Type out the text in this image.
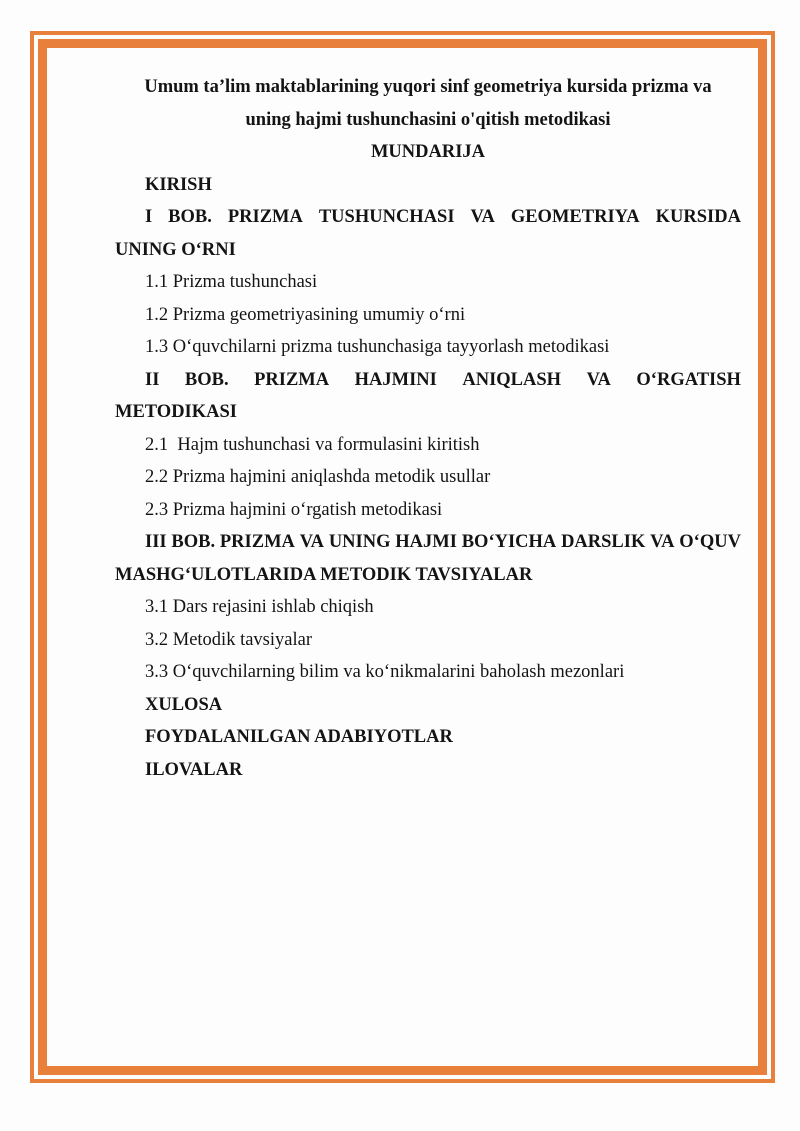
Umum ta’lim maktablarining yuqori sinf geometriya kursida prizma va
uning hajmi tushunchasini o'qitish metodikasi
MUNDARIJA
KIRISH
I BOB. PRIZMA TUSHUNCHASI VA GEOMETRIYA KURSIDA
UNING O‘RNI
1.1 Prizma tushunchasi
1.2 Prizma geometriyasining umumiy o‘rni
1.3 O‘quvchilarni prizma tushunchasiga tayyorlash metodikasi
II BOB. PRIZMA HAJMINI ANIQLASH VA O‘RGATISH
METODIKASI
2.1  Hajm tushunchasi va formulasini kiritish
2.2 Prizma hajmini aniqlashda metodik usullar
2.3 Prizma hajmini o‘rgatish metodikasi
III BOB. PRIZMA VA UNING HAJMI BO‘YICHA DARSLIK VA O‘QUV
MASHG‘ULOTLARIDA METODIK TAVSIYALAR
3.1 Dars rejasini ishlab chiqish
3.2 Metodik tavsiyalar
3.3 O‘quvchilarning bilim va ko‘nikmalarini baholash mezonlari
XULOSA
FOYDALANILGAN ADABIYOTLAR
ILOVALAR
